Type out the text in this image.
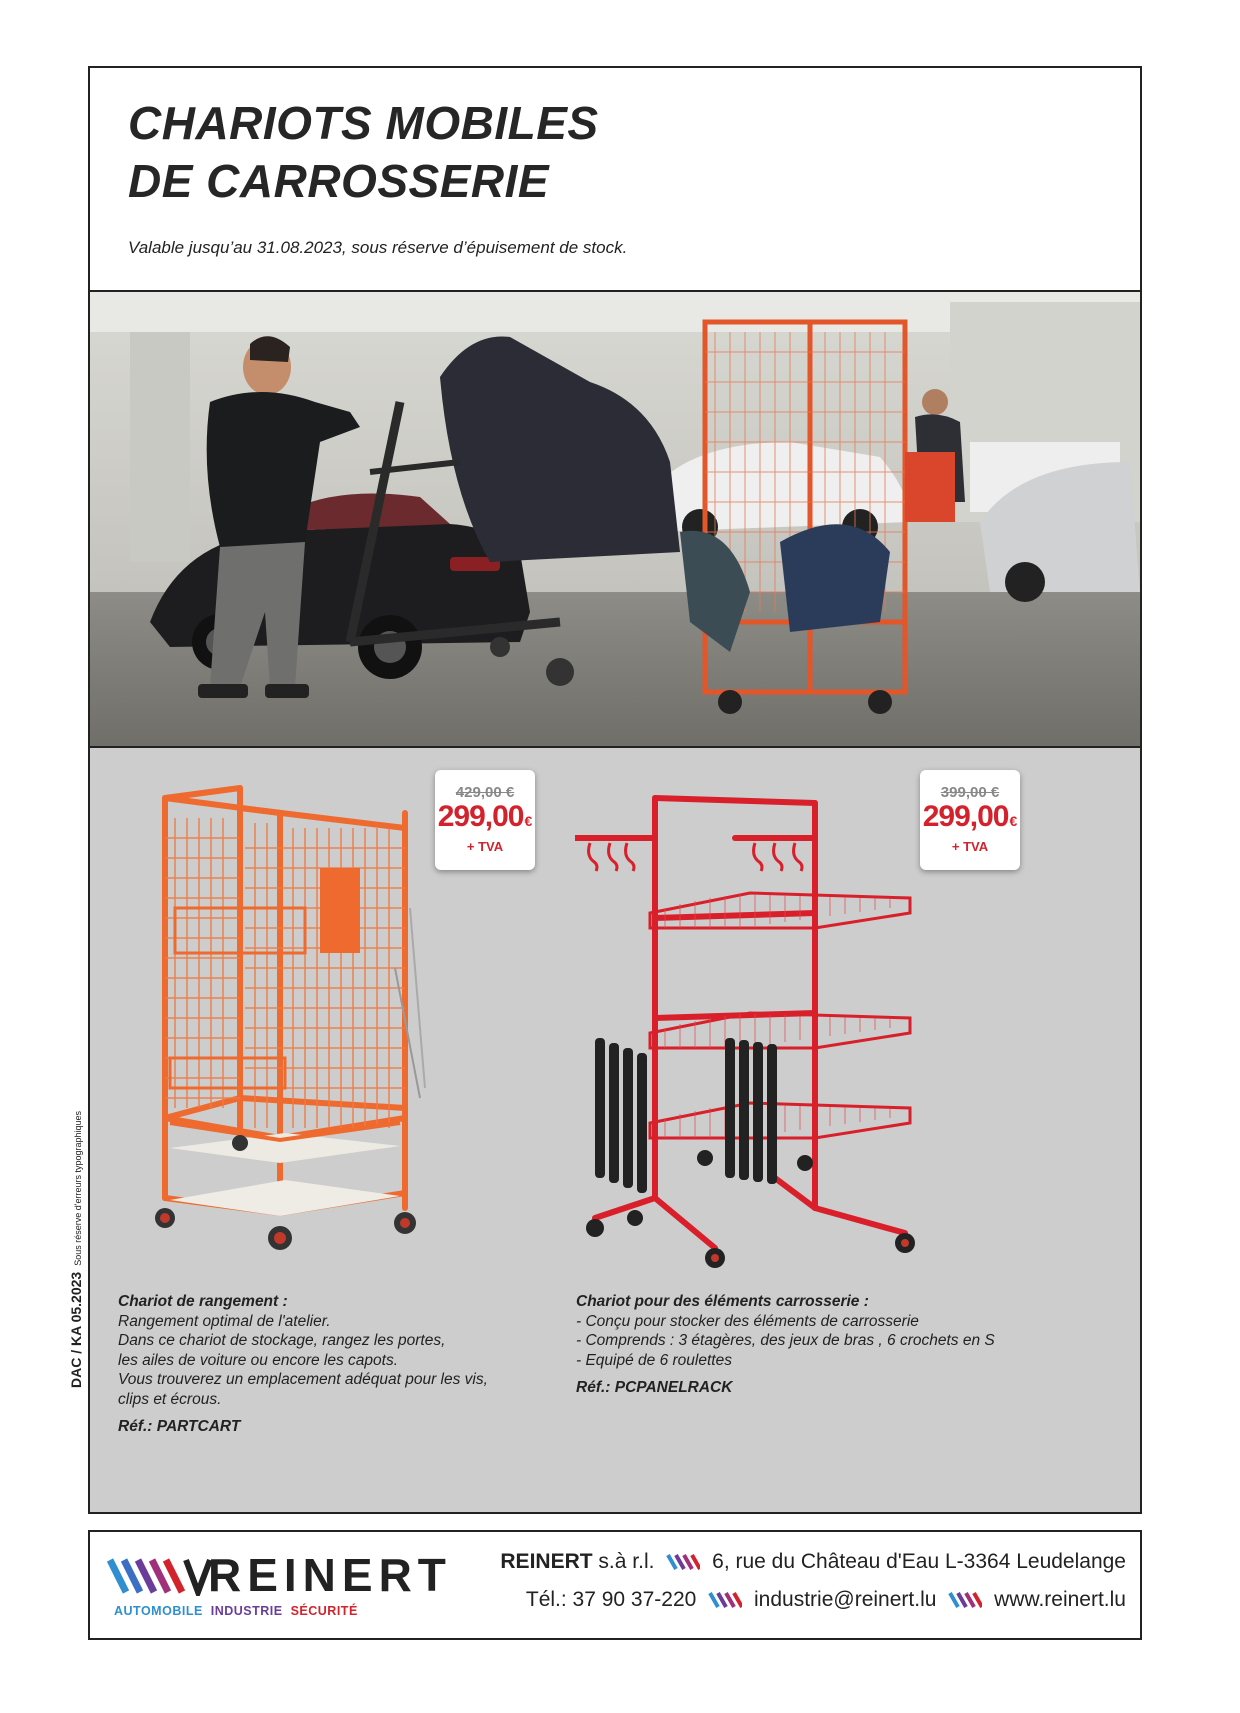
CHARIOTS MOBILES
DE CARROSSERIE
Valable jusqu’au 31.08.2023, sous réserve d’épuisement de stock.
429,00 €
299,00€
+ TVA
399,00 €
299,00€
+ TVA
Chariot de rangement :
Rangement optimal de l'atelier.
Dans ce chariot de stockage, rangez les portes,
les ailes de voiture ou encore les capots.
Vous trouverez un emplacement adéquat pour les vis,
clips et écrous.
Réf.: PARTCART
Chariot pour des éléments carrosserie :
- Conçu pour stocker des éléments de carrosserie
- Comprends : 3 étagères, des jeux de bras , 6 crochets en S
- Equipé de 6 roulettes
Réf.: PCPANELRACK
DAC / KA 05.2023Sous réserve d'erreurs typographiques
REINERT
AUTOMOBILE INDUSTRIE SÉCURITÉ
REINERT s.à r.l.	6, rue du Château d'Eau L-3364 Leudelange
Tél.: 37 90 37-220	industrie@reinert.lu	www.reinert.lu
